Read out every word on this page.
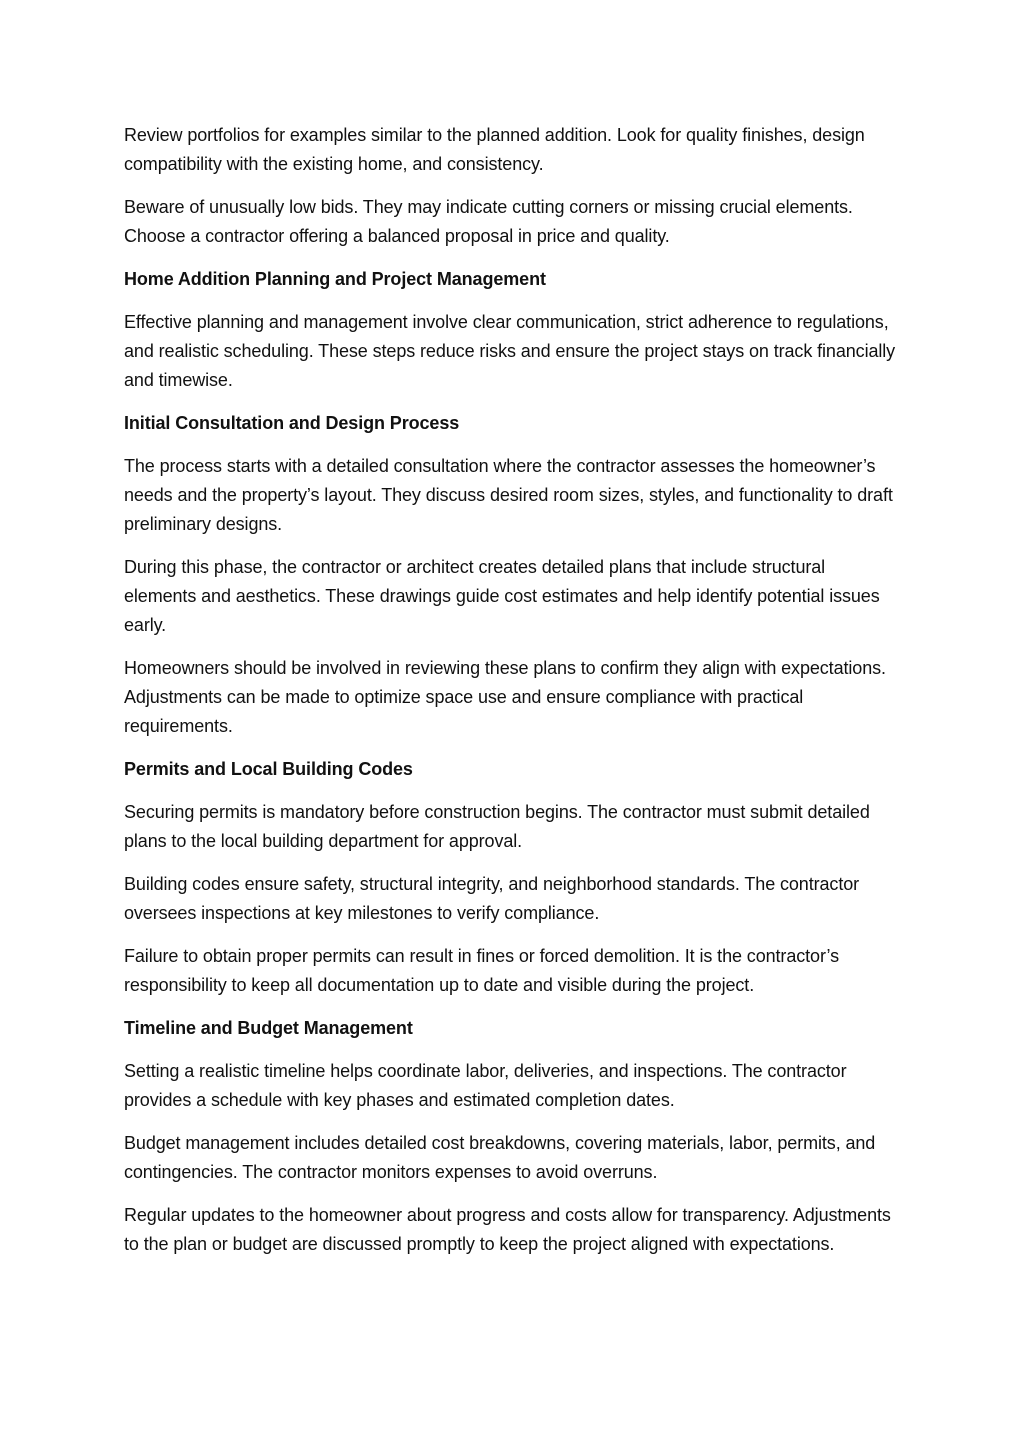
Review portfolios for examples similar to the planned addition. Look for quality finishes, design compatibility with the existing home, and consistency.

Beware of unusually low bids. They may indicate cutting corners or missing crucial elements. Choose a contractor offering a balanced proposal in price and quality.

Home Addition Planning and Project Management

Effective planning and management involve clear communication, strict adherence to regulations, and realistic scheduling. These steps reduce risks and ensure the project stays on track financially and timewise.

Initial Consultation and Design Process

The process starts with a detailed consultation where the contractor assesses the homeowner’s needs and the property’s layout. They discuss desired room sizes, styles, and functionality to draft preliminary designs.

During this phase, the contractor or architect creates detailed plans that include structural elements and aesthetics. These drawings guide cost estimates and help identify potential issues early.

Homeowners should be involved in reviewing these plans to confirm they align with expectations. Adjustments can be made to optimize space use and ensure compliance with practical requirements.

Permits and Local Building Codes

Securing permits is mandatory before construction begins. The contractor must submit detailed plans to the local building department for approval.

Building codes ensure safety, structural integrity, and neighborhood standards. The contractor oversees inspections at key milestones to verify compliance.

Failure to obtain proper permits can result in fines or forced demolition. It is the contractor’s responsibility to keep all documentation up to date and visible during the project.

Timeline and Budget Management

Setting a realistic timeline helps coordinate labor, deliveries, and inspections. The contractor provides a schedule with key phases and estimated completion dates.

Budget management includes detailed cost breakdowns, covering materials, labor, permits, and contingencies. The contractor monitors expenses to avoid overruns.

Regular updates to the homeowner about progress and costs allow for transparency. Adjustments to the plan or budget are discussed promptly to keep the project aligned with expectations.
